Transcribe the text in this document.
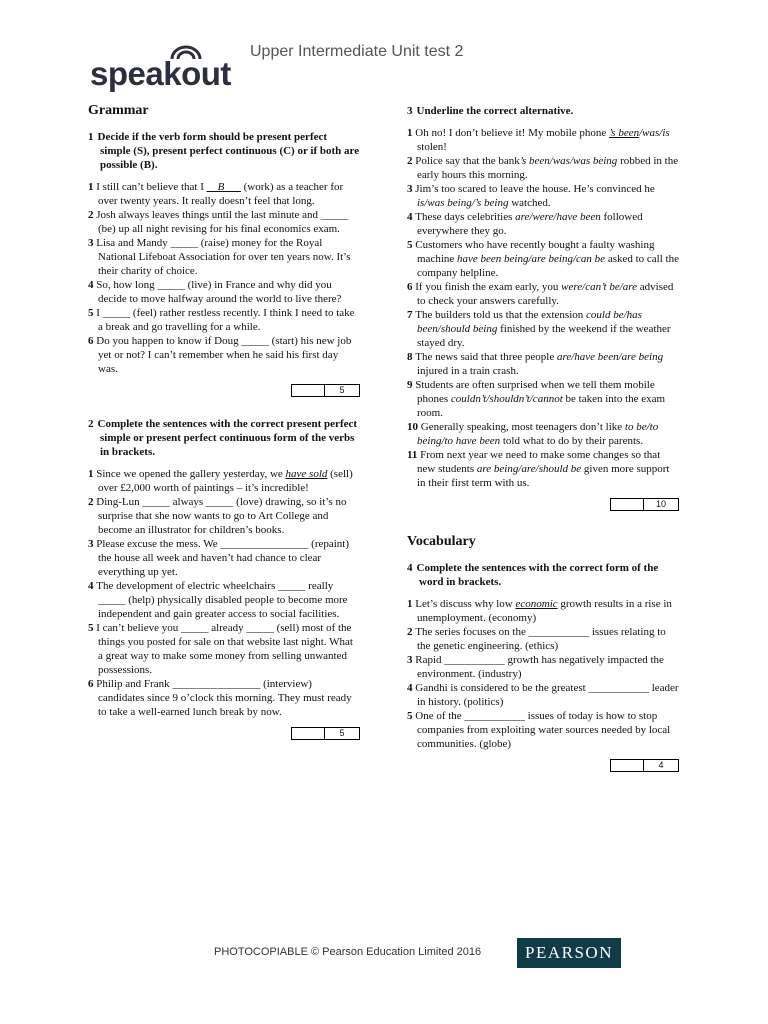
speakout
Upper Intermediate Unit test 2
Grammar
1 Decide if the verb form should be present perfect simple (S), present perfect continuous (C) or if both are possible (B).
1 I still can’t believe that I __B___ (work) as a teacher for over twenty years. It really doesn’t feel that long.
2 Josh always leaves things until the last minute and _____ (be) up all night revising for his final economics exam.
3 Lisa and Mandy _____ (raise) money for the Royal National Lifeboat Association for over ten years now. It’s their charity of choice.
4 So, how long _____ (live) in France and why did you decide to move halfway around the world to live there?
5 I _____ (feel) rather restless recently. I think I need to take a break and go travelling for a while.
6 Do you happen to know if Doug _____ (start) his new job yet or not? I can’t remember when he said his first day was.
5
2 Complete the sentences with the correct present perfect simple or present perfect continuous form of the verbs in brackets.
1 Since we opened the gallery yesterday, we have sold (sell) over £2,000 worth of paintings – it’s incredible!
2 Ding-Lun _____ always _____ (love) drawing, so it’s no surprise that she now wants to go to Art College and become an illustrator for children’s books.
3 Please excuse the mess. We ________________ (repaint) the house all week and haven’t had chance to clear everything up yet.
4 The development of electric wheelchairs _____ really _____ (help) physically disabled people to become more independent and gain greater access to social facilities.
5 I can’t believe you _____ already _____ (sell) most of the things you posted for sale on that website last night. What a great way to make some money from selling unwanted possessions.
6 Philip and Frank ________________ (interview) candidates since 9 o’clock this morning. They must ready to take a well-earned lunch break by now.
5
3 Underline the correct alternative.
1 Oh no! I don’t believe it! My mobile phone ’s been/was/is stolen!
2 Police say that the bank’s been/was/was being robbed in the early hours this morning.
3 Jim’s too scared to leave the house. He’s convinced he is/was being/’s being watched.
4 These days celebrities are/were/have been followed everywhere they go.
5 Customers who have recently bought a faulty washing machine have been being/are being/can be asked to call the company helpline.
6 If you finish the exam early, you were/can’t be/are advised to check your answers carefully.
7 The builders told us that the extension could be/has been/should being finished by the weekend if the weather stayed dry.
8 The news said that three people are/have been/are being injured in a train crash.
9 Students are often surprised when we tell them mobile phones couldn’t/shouldn’t/cannot be taken into the exam room.
10 Generally speaking, most teenagers don’t like to be/to being/to have been told what to do by their parents.
11 From next year we need to make some changes so that new students are being/are/should be given more support in their first term with us.
10
Vocabulary
4 Complete the sentences with the correct form of the word in brackets.
1 Let’s discuss why low economic growth results in a rise in unemployment. (economy)
2 The series focuses on the ___________ issues relating to the genetic engineering. (ethics)
3 Rapid ___________ growth has negatively impacted the environment. (industry)
4 Gandhi is considered to be the greatest ___________ leader in history. (politics)
5 One of the ___________ issues of today is how to stop companies from exploiting water sources needed by local communities. (globe)
4
PHOTOCOPIABLE © Pearson Education Limited 2016	PEARSON
